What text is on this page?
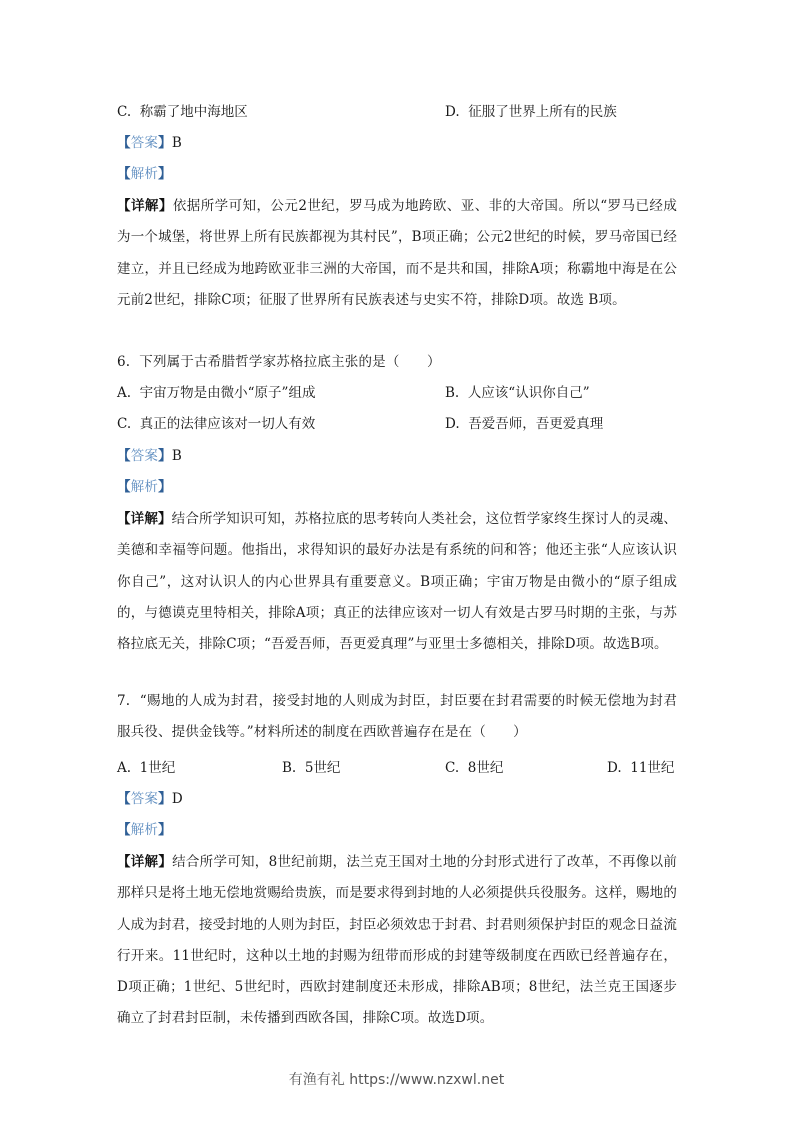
C. 称霸了地中海地区	D. 征服了世界上所有的民族
【答案】B
【解析】
【详解】依据所学可知，公元2世纪，罗马成为地跨欧、亚、非的大帝国。所以“罗马已经成为一个城堡，将世界上所有民族都视为其村民”，B项正确；公元2世纪的时候，罗马帝国已经建立，并且已经成为地跨欧亚非三洲的大帝国，而不是共和国，排除A项；称霸地中海是在公元前2世纪，排除C项；征服了世界所有民族表述与史实不符，排除D项。故选 B项。
6. 下列属于古希腊哲学家苏格拉底主张的是（　　）
A. 宇宙万物是由微小“原子”组成	B. 人应该“认识你自己”
C. 真正的法律应该对一切人有效	D. 吾爱吾师，吾更爱真理
【答案】B
【解析】
【详解】结合所学知识可知，苏格拉底的思考转向人类社会，这位哲学家终生探讨人的灵魂、美德和幸福等问题。他指出，求得知识的最好办法是有系统的问和答；他还主张“人应该认识你自己”，这对认识人的内心世界具有重要意义。B项正确；宇宙万物是由微小的“原子组成的，与德谟克里特相关，排除A项；真正的法律应该对一切人有效是古罗马时期的主张，与苏格拉底无关，排除C项；“吾爱吾师，吾更爱真理”与亚里士多德相关，排除D项。故选B项。
7. “赐地的人成为封君，接受封地的人则成为封臣，封臣要在封君需要的时候无偿地为封君服兵役、提供金钱等。”材料所述的制度在西欧普遍存在是在（　　）
A. 1世纪	B. 5世纪	C. 8世纪	D. 11世纪
【答案】D
【解析】
【详解】结合所学可知，8世纪前期，法兰克王国对土地的分封形式进行了改革，不再像以前那样只是将土地无偿地赏赐给贵族，而是要求得到封地的人必须提供兵役服务。这样，赐地的人成为封君，接受封地的人则为封臣，封臣必须效忠于封君、封君则须保护封臣的观念日益流行开来。11世纪时，这种以土地的封赐为纽带而形成的封建等级制度在西欧已经普遍存在，D项正确；1世纪、5世纪时，西欧封建制度还未形成，排除AB项；8世纪，法兰克王国逐步确立了封君封臣制，未传播到西欧各国，排除C项。故选D项。
有渔有礼 https://www.nzxwl.net
